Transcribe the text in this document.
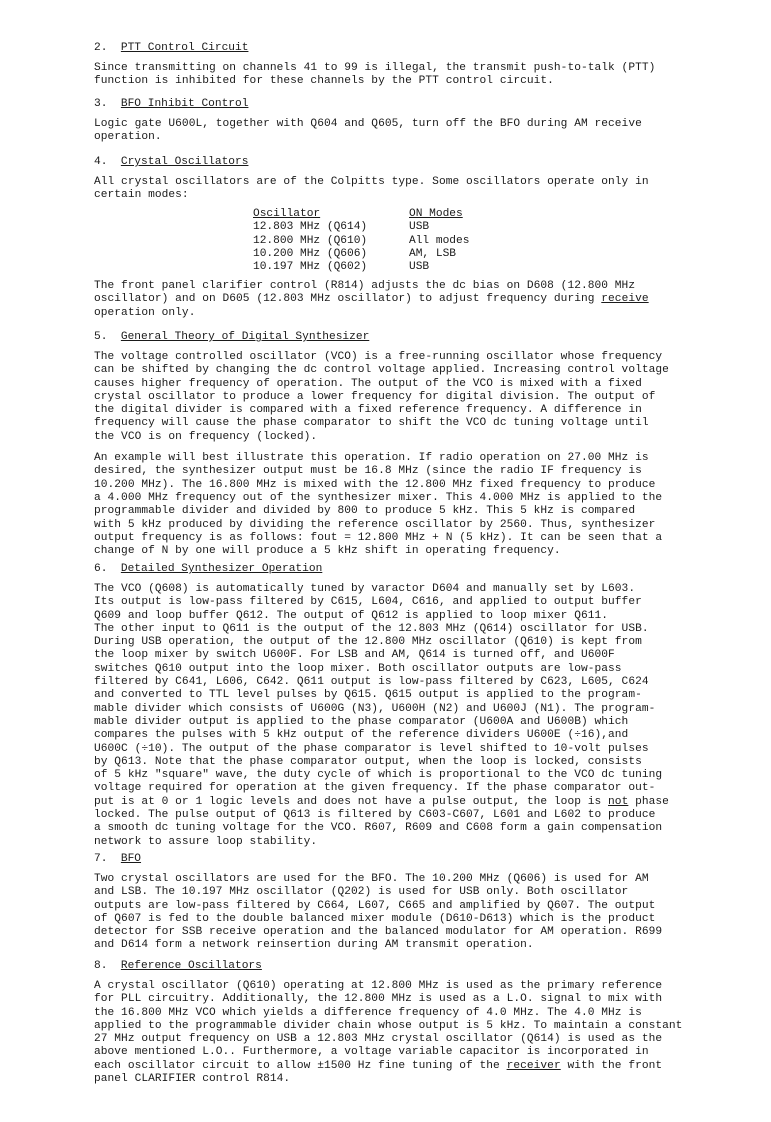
2. PTT Control Circuit
Since transmitting on channels 41 to 99 is illegal, the transmit push-to-talk (PTT)
function is inhibited for these channels by the PTT control circuit.
3. BFO Inhibit Control
Logic gate U600L, together with Q604 and Q605, turn off the BFO during AM receive
operation.
4. Crystal Oscillators
All crystal oscillators are of the Colpitts type. Some oscillators operate only in
certain modes:
Oscillator	ON Modes
12.803 MHz (Q614)	USB
12.800 MHz (Q610)	All modes
10.200 MHz (Q606)	AM, LSB
10.197 MHz (Q602)	USB
The front panel clarifier control (R814) adjusts the dc bias on D608 (12.800 MHz
oscillator) and on D605 (12.803 MHz oscillator) to adjust frequency during receive
operation only.
5. General Theory of Digital Synthesizer
The voltage controlled oscillator (VCO) is a free-running oscillator whose frequency
can be shifted by changing the dc control voltage applied. Increasing control voltage
causes higher frequency of operation. The output of the VCO is mixed with a fixed
crystal oscillator to produce a lower frequency for digital division. The output of
the digital divider is compared with a fixed reference frequency. A difference in
frequency will cause the phase comparator to shift the VCO dc tuning voltage until
the VCO is on frequency (locked).
An example will best illustrate this operation. If radio operation on 27.00 MHz is
desired, the synthesizer output must be 16.8 MHz (since the radio IF frequency is
10.200 MHz). The 16.800 MHz is mixed with the 12.800 MHz fixed frequency to produce
a 4.000 MHz frequency out of the synthesizer mixer. This 4.000 MHz is applied to the
programmable divider and divided by 800 to produce 5 kHz. This 5 kHz is compared
with 5 kHz produced by dividing the reference oscillator by 2560. Thus, synthesizer
output frequency is as follows: fout = 12.800 MHz + N (5 kHz). It can be seen that a
change of N by one will produce a 5 kHz shift in operating frequency.
6. Detailed Synthesizer Operation
The VCO (Q608) is automatically tuned by varactor D604 and manually set by L603.
Its output is low-pass filtered by C615, L604, C616, and applied to output buffer
Q609 and loop buffer Q612. The output of Q612 is applied to loop mixer Q611.
The other input to Q611 is the output of the 12.803 MHz (Q614) oscillator for USB.
During USB operation, the output of the 12.800 MHz oscillator (Q610) is kept from
the loop mixer by switch U600F. For LSB and AM, Q614 is turned off, and U600F
switches Q610 output into the loop mixer. Both oscillator outputs are low-pass
filtered by C641, L606, C642. Q611 output is low-pass filtered by C623, L605, C624
and converted to TTL level pulses by Q615. Q615 output is applied to the program-
mable divider which consists of U600G (N3), U600H (N2) and U600J (N1). The program-
mable divider output is applied to the phase comparator (U600A and U600B) which
compares the pulses with 5 kHz output of the reference dividers U600E (÷16),and
U600C (÷10). The output of the phase comparator is level shifted to 10-volt pulses
by Q613. Note that the phase comparator output, when the loop is locked, consists
of 5 kHz "square" wave, the duty cycle of which is proportional to the VCO dc tuning
voltage required for operation at the given frequency. If the phase comparator out-
put is at 0 or 1 logic levels and does not have a pulse output, the loop is not phase
locked. The pulse output of Q613 is filtered by C603-C607, L601 and L602 to produce
a smooth dc tuning voltage for the VCO. R607, R609 and C608 form a gain compensation
network to assure loop stability.
7. BFO
Two crystal oscillators are used for the BFO. The 10.200 MHz (Q606) is used for AM
and LSB. The 10.197 MHz oscillator (Q202) is used for USB only. Both oscillator
outputs are low-pass filtered by C664, L607, C665 and amplified by Q607. The output
of Q607 is fed to the double balanced mixer module (D610-D613) which is the product
detector for SSB receive operation and the balanced modulator for AM operation. R699
and D614 form a network reinsertion during AM transmit operation.
8. Reference Oscillators
A crystal oscillator (Q610) operating at 12.800 MHz is used as the primary reference
for PLL circuitry. Additionally, the 12.800 MHz is used as a L.O. signal to mix with
the 16.800 MHz VCO which yields a difference frequency of 4.0 MHz. The 4.0 MHz is
applied to the programmable divider chain whose output is 5 kHz. To maintain a constant
27 MHz output frequency on USB a 12.803 MHz crystal oscillator (Q614) is used as the
above mentioned L.O.. Furthermore, a voltage variable capacitor is incorporated in
each oscillator circuit to allow ±1500 Hz fine tuning of the receiver with the front
panel CLARIFIER control R814.
